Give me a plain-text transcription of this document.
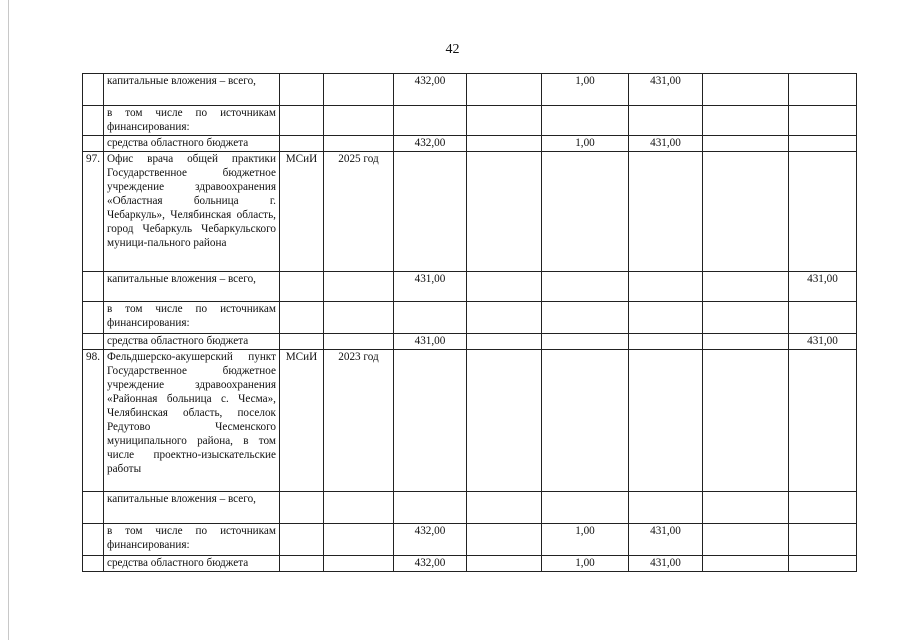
42
	капитальные вложения – всего,			432,00		1,00	431,00		
	в том числе по источникам финансирования:								
	средства областного бюджета			432,00		1,00	431,00		
97.	Офис врача общей практики Государственное бюджетное учреждение здравоохранения «Областная больница г. Чебаркуль», Челябинская область, город Чебаркуль Чебаркульского муници-пального района	МСиИ	2025 год						
	капитальные вложения – всего,			431,00					431,00
	в том числе по источникам финансирования:								
	средства областного бюджета			431,00					431,00
98.	Фельдшерско-акушерский пункт Государственное бюджетное учреждение здравоохранения «Районная больница с. Чесма», Челябинская область, поселок Редутово Чесменского муниципального района, в том числе проектно-изыскательские работы	МСиИ	2023 год						
	капитальные вложения – всего,								
	в том числе по источникам финансирования:			432,00		1,00	431,00		
	средства областного бюджета			432,00		1,00	431,00		
